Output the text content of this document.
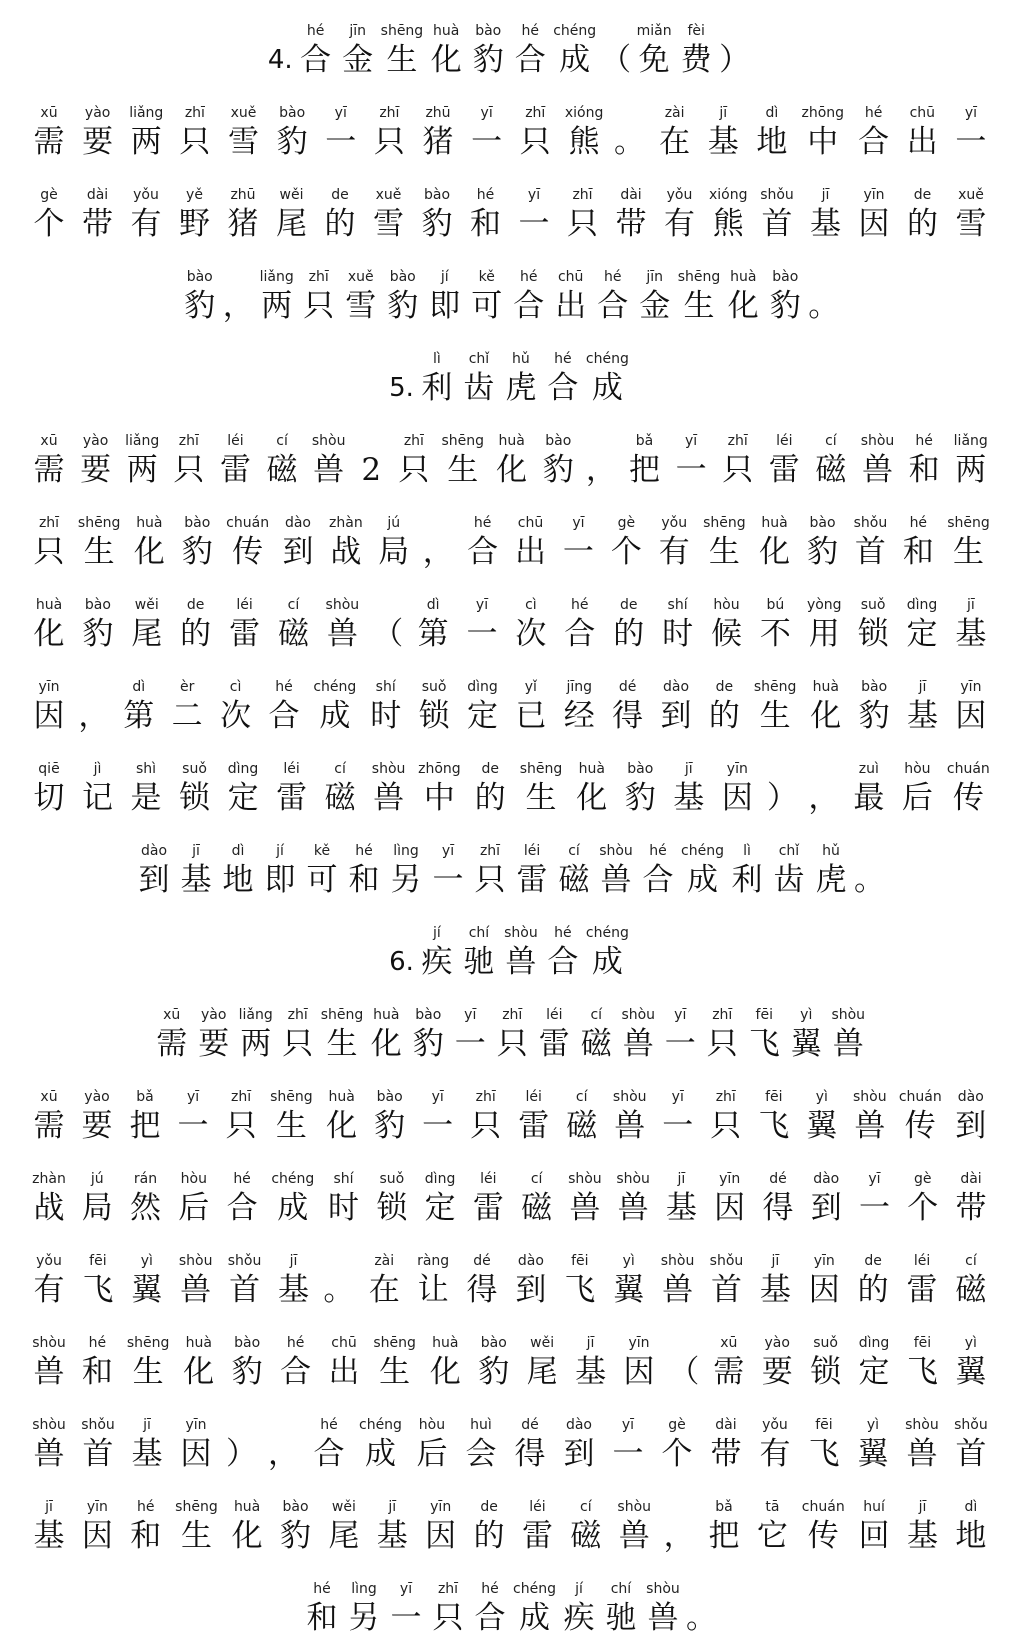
4.
hé
合
jīn
金
shēng
生
huà
化
bào
豹
hé
合
chéng
成 （
miǎn
免
fèi
费 ）
xū
需
yào
要
liǎng
两
zhī
只
xuě
雪
bào
豹
yī
一
zhī
只
zhū
猪
yī
一
zhī
只
xióng
熊 。
zài
在
jī
基
dì
地
zhōng
中
hé
合
chū
出
yī
一
gè
个
dài
带
yǒu
有
yě
野
zhū
猪
wěi
尾
de
的
xuě
雪
bào
豹
hé
和
yī
一
zhī
只
dài
带
yǒu
有
xióng
熊
shǒu
首
jī
基
yīn
因
de
的
xuě
雪
bào
豹 ，
liǎng
两
zhī
只
xuě
雪
bào
豹
jí
即
kě
可
hé
合
chū
出
hé
合
jīn
金
shēng
生
huà
化
bào
豹 。
5.
lì
利
chǐ
齿
hǔ
虎
hé
合
chéng
成
xū
需
yào
要
liǎng
两
zhī
只
léi
雷
cí
磁
shòu
兽 2
zhī
只
shēng
生
huà
化
bào
豹 ，
bǎ
把
yī
一
zhī
只
léi
雷
cí
磁
shòu
兽
hé
和
liǎng
两
zhī
只
shēng
生
huà
化
bào
豹
chuán
传
dào
到
zhàn
战
jú
局 ，
hé
合
chū
出
yī
一
gè
个
yǒu
有
shēng
生
huà
化
bào
豹
shǒu
首
hé
和
shēng
生
huà
化
bào
豹
wěi
尾
de
的
léi
雷
cí
磁
shòu
兽 （
dì
第
yī
一
cì
次
hé
合
de
的
shí
时
hòu
候
bú
不
yòng
用
suǒ
锁
dìng
定
jī
基
yīn
因 ，
dì
第
èr
二
cì
次
hé
合
chéng
成
shí
时
suǒ
锁
dìng
定
yǐ
已
jīng
经
dé
得
dào
到
de
的
shēng
生
huà
化
bào
豹
jī
基
yīn
因
qiē
切
jì
记
shì
是
suǒ
锁
dìng
定
léi
雷
cí
磁
shòu
兽
zhōng
中
de
的
shēng
生
huà
化
bào
豹
jī
基
yīn
因 ） ，
zuì
最
hòu
后
chuán
传
dào
到
jī
基
dì
地
jí
即
kě
可
hé
和
lìng
另
yī
一
zhī
只
léi
雷
cí
磁
shòu
兽
hé
合
chéng
成
lì
利
chǐ
齿
hǔ
虎 。
6.
jí
疾
chí
驰
shòu
兽
hé
合
chéng
成
xū
需
yào
要
liǎng
两
zhī
只
shēng
生
huà
化
bào
豹
yī
一
zhī
只
léi
雷
cí
磁
shòu
兽
yī
一
zhī
只
fēi
飞
yì
翼
shòu
兽
xū
需
yào
要
bǎ
把
yī
一
zhī
只
shēng
生
huà
化
bào
豹
yī
一
zhī
只
léi
雷
cí
磁
shòu
兽
yī
一
zhī
只
fēi
飞
yì
翼
shòu
兽
chuán
传
dào
到
zhàn
战
jú
局
rán
然
hòu
后
hé
合
chéng
成
shí
时
suǒ
锁
dìng
定
léi
雷
cí
磁
shòu
兽
shòu
兽
jī
基
yīn
因
dé
得
dào
到
yī
一
gè
个
dài
带
yǒu
有
fēi
飞
yì
翼
shòu
兽
shǒu
首
jī
基 。
zài
在
ràng
让
dé
得
dào
到
fēi
飞
yì
翼
shòu
兽
shǒu
首
jī
基
yīn
因
de
的
léi
雷
cí
磁
shòu
兽
hé
和
shēng
生
huà
化
bào
豹
hé
合
chū
出
shēng
生
huà
化
bào
豹
wěi
尾
jī
基
yīn
因 （
xū
需
yào
要
suǒ
锁
dìng
定
fēi
飞
yì
翼
shòu
兽
shǒu
首
jī
基
yīn
因 ） ，
hé
合
chéng
成
hòu
后
huì
会
dé
得
dào
到
yī
一
gè
个
dài
带
yǒu
有
fēi
飞
yì
翼
shòu
兽
shǒu
首
jī
基
yīn
因
hé
和
shēng
生
huà
化
bào
豹
wěi
尾
jī
基
yīn
因
de
的
léi
雷
cí
磁
shòu
兽 ，
bǎ
把
tā
它
chuán
传
huí
回
jī
基
dì
地
hé
和
lìng
另
yī
一
zhī
只
hé
合
chéng
成
jí
疾
chí
驰
shòu
兽 。
